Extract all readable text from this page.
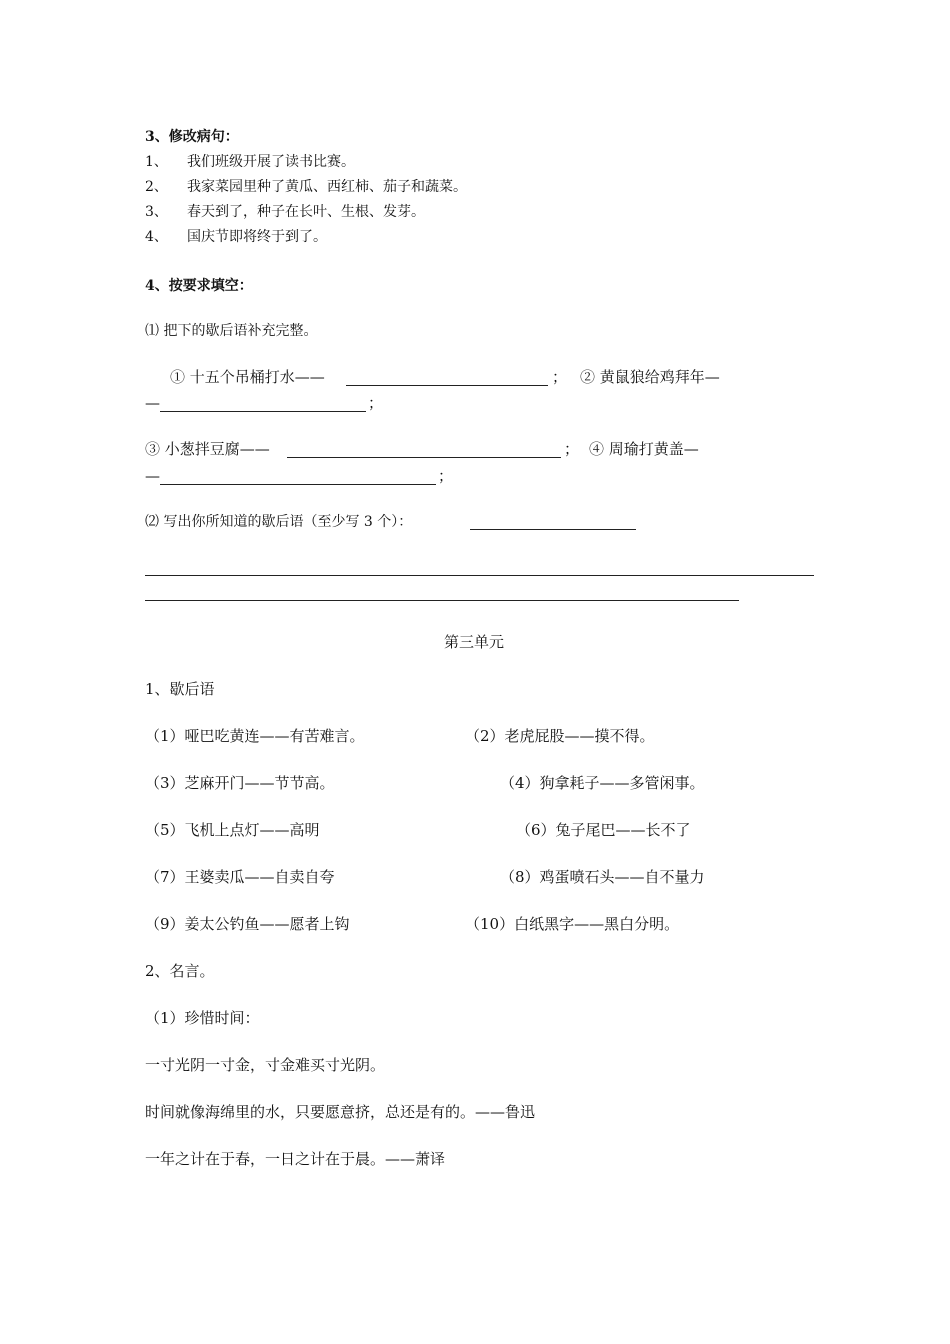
3、修改病句：
1、 我们班级开展了读书比赛。
2、 我家菜园里种了黄瓜、西红柿、茄子和蔬菜。
3、 春天到了，种子在长叶、生根、发芽。
4、 国庆节即将终于到了。
4、按要求填空：
⑴ 把下的歇后语补充完整。
① 十五个吊桶打水——	； ② 黄鼠狼给鸡拜年—
—	；
③ 小葱拌豆腐——	； ④ 周瑜打黄盖—
—	；
⑵ 写出你所知道的歇后语（至少写 3 个）：
第三单元
1、歇后语
（1）哑巴吃黄连——有苦难言。	（2）老虎屁股——摸不得。
（3）芝麻开门——节节高。	（4）狗拿耗子——多管闲事。
（5）飞机上点灯——高明	（6）兔子尾巴——长不了
（7）王婆卖瓜——自卖自夸	（8）鸡蛋喷石头——自不量力
（9）姜太公钓鱼——愿者上钩	（10）白纸黑字——黑白分明。
2、名言。
（1）珍惜时间：
一寸光阴一寸金，寸金难买寸光阴。
时间就像海绵里的水，只要愿意挤，总还是有的。——鲁迅
一年之计在于春，一日之计在于晨。——萧译
